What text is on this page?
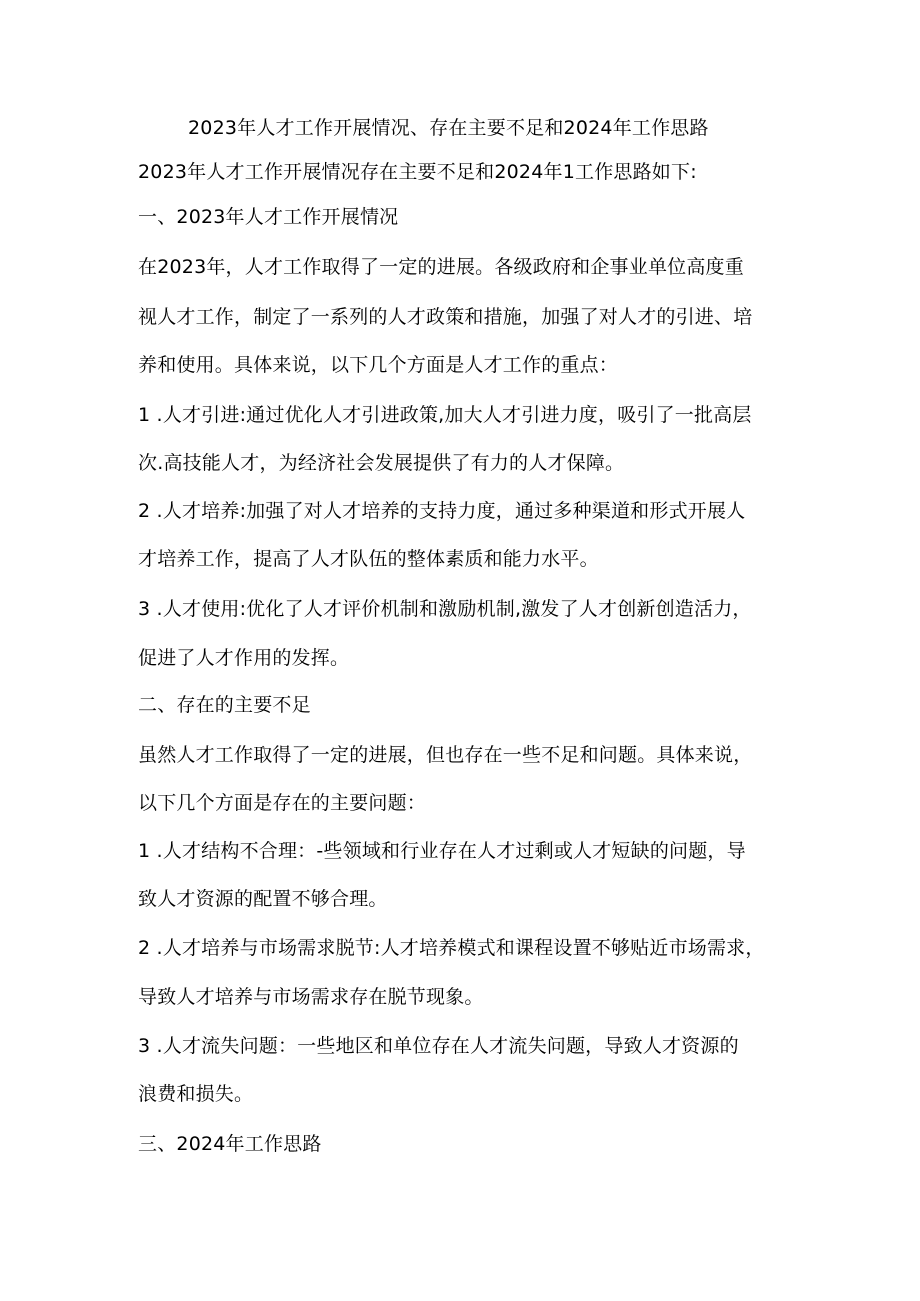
2023年人才工作开展情况、存在主要不足和2024年工作思路
2023年人才工作开展情况存在主要不足和2024年1工作思路如下:
一、2023年人才工作开展情况
在2023年，人才工作取得了一定的进展。各级政府和企事业单位高度重
视人才工作，制定了一系列的人才政策和措施，加强了对人才的引进、培
养和使用。具体来说，以下几个方面是人才工作的重点：
1 .人才引进:通过优化人才引进政策,加大人才引进力度，吸引了一批高层
次.高技能人才，为经济社会发展提供了有力的人才保障。
2 .人才培养:加强了对人才培养的支持力度，通过多种渠道和形式开展人
才培养工作，提高了人才队伍的整体素质和能力水平。
3 .人才使用:优化了人才评价机制和激励机制,激发了人才创新创造活力，
促进了人才作用的发挥。
二、存在的主要不足
虽然人才工作取得了一定的进展，但也存在一些不足和问题。具体来说，
以下几个方面是存在的主要问题：
1 .人才结构不合理：-些领域和行业存在人才过剩或人才短缺的问题，导
致人才资源的配置不够合理。
2 .人才培养与市场需求脱节:人才培养模式和课程设置不够贴近市场需求，
导致人才培养与市场需求存在脱节现象。
3 .人才流失问题：一些地区和单位存在人才流失问题，导致人才资源的
浪费和损失。
三、2024年工作思路
